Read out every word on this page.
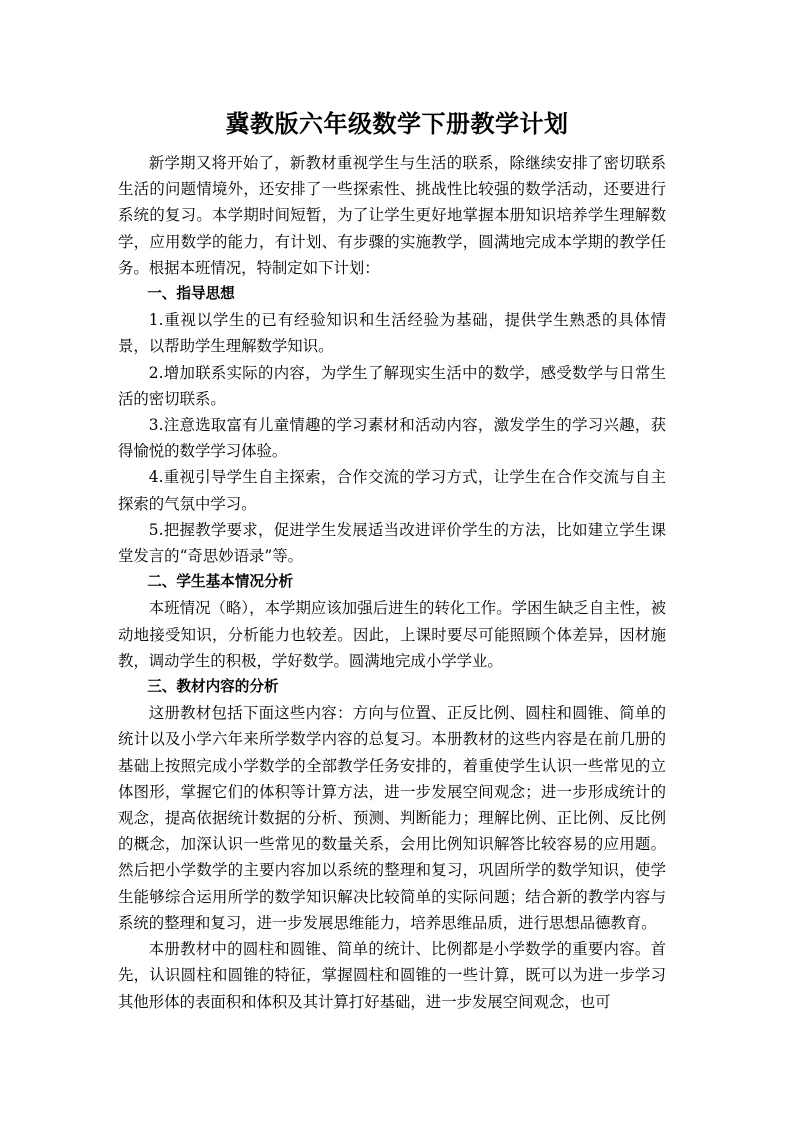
冀教版六年级数学下册教学计划

新学期又将开始了，新教材重视学生与生活的联系，除继续安排了密切联系生活的问题情境外，还安排了一些探索性、挑战性比较强的数学活动，还要进行系统的复习。本学期时间短暂，为了让学生更好地掌握本册知识培养学生理解数学，应用数学的能力，有计划、有步骤的实施教学，圆满地完成本学期的教学任务。根据本班情况，特制定如下计划：

一、指导思想

1.重视以学生的已有经验知识和生活经验为基础，提供学生熟悉的具体情景，以帮助学生理解数学知识。

2.增加联系实际的内容，为学生了解现实生活中的数学，感受数学与日常生活的密切联系。

3.注意选取富有儿童情趣的学习素材和活动内容，激发学生的学习兴趣，获得愉悦的数学学习体验。

4.重视引导学生自主探索，合作交流的学习方式，让学生在合作交流与自主探索的气氛中学习。

5.把握教学要求，促进学生发展适当改进评价学生的方法，比如建立学生课堂发言的“奇思妙语录”等。

二、学生基本情况分析

本班情况（略），本学期应该加强后进生的转化工作。学困生缺乏自主性，被动地接受知识，分析能力也较差。因此，上课时要尽可能照顾个体差异，因材施教，调动学生的积极，学好数学。圆满地完成小学学业。

三、教材内容的分析

这册教材包括下面这些内容：方向与位置、正反比例、圆柱和圆锥、简单的统计以及小学六年来所学数学内容的总复习。本册教材的这些内容是在前几册的基础上按照完成小学数学的全部教学任务安排的，着重使学生认识一些常见的立体图形，掌握它们的体积等计算方法，进一步发展空间观念；进一步形成统计的观念，提高依据统计数据的分析、预测、判断能力；理解比例、正比例、反比例的概念，加深认识一些常见的数量关系，会用比例知识解答比较容易的应用题。然后把小学数学的主要内容加以系统的整理和复习，巩固所学的数学知识，使学生能够综合运用所学的数学知识解决比较简单的实际问题；结合新的教学内容与系统的整理和复习，进一步发展思维能力，培养思维品质，进行思想品德教育。

本册教材中的圆柱和圆锥、简单的统计、比例都是小学数学的重要内容。首先，认识圆柱和圆锥的特征，掌握圆柱和圆锥的一些计算，既可以为进一步学习其他形体的表面积和体积及其计算打好基础，进一步发展空间观念，也可
